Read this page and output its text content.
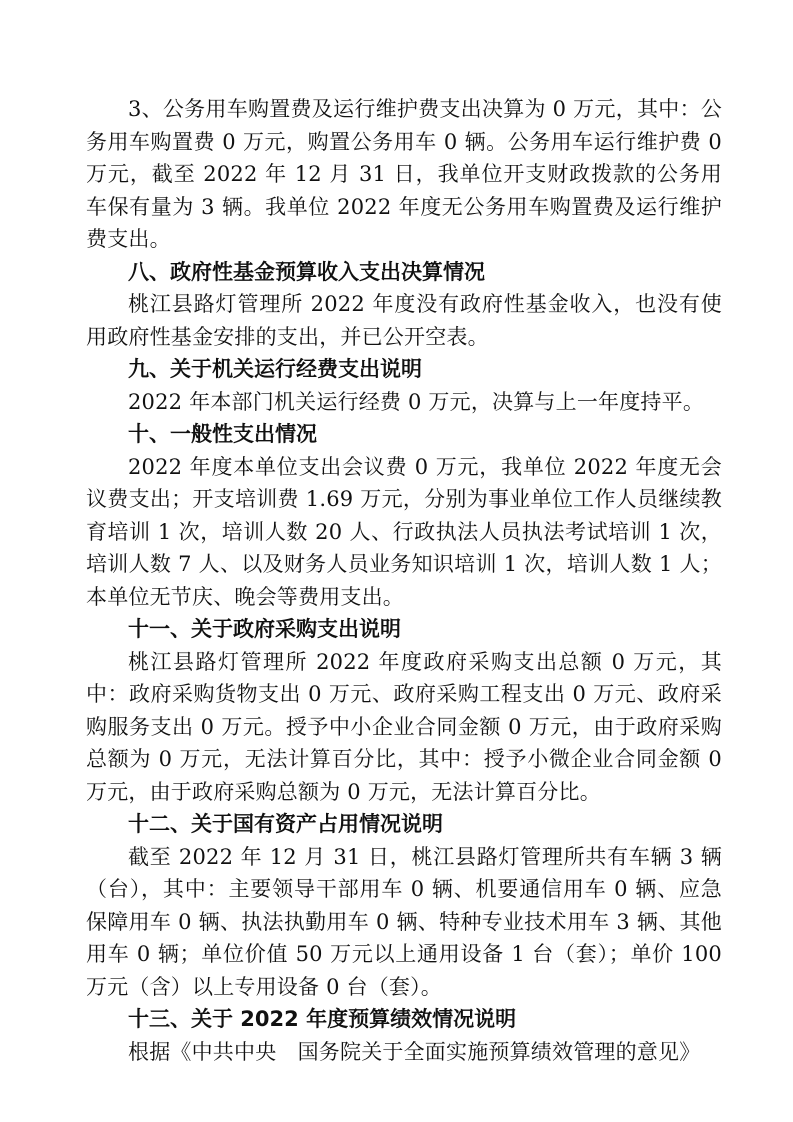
3、公务用车购置费及运行维护费支出决算为 0 万元，其中：公务用车购置费 0 万元，购置公务用车 0 辆。公务用车运行维护费 0 万元，截至 2022 年 12 月 31 日，我单位开支财政拨款的公务用车保有量为 3 辆。我单位 2022 年度无公务用车购置费及运行维护费支出。

八、政府性基金预算收入支出决算情况

桃江县路灯管理所 2022 年度没有政府性基金收入，也没有使用政府性基金安排的支出，并已公开空表。

九、关于机关运行经费支出说明

2022 年本部门机关运行经费 0 万元，决算与上一年度持平。

十、一般性支出情况

2022 年度本单位支出会议费 0 万元，我单位 2022 年度无会议费支出；开支培训费 1.69 万元，分别为事业单位工作人员继续教育培训 1 次，培训人数 20 人、行政执法人员执法考试培训 1 次，培训人数 7 人、以及财务人员业务知识培训 1 次，培训人数 1 人；本单位无节庆、晚会等费用支出。

十一、关于政府采购支出说明

桃江县路灯管理所 2022 年度政府采购支出总额 0 万元，其中：政府采购货物支出 0 万元、政府采购工程支出 0 万元、政府采购服务支出 0 万元。授予中小企业合同金额 0 万元，由于政府采购总额为 0 万元，无法计算百分比，其中：授予小微企业合同金额 0 万元，由于政府采购总额为 0 万元，无法计算百分比。

十二、关于国有资产占用情况说明

截至 2022 年 12 月 31 日，桃江县路灯管理所共有车辆 3 辆（台），其中：主要领导干部用车 0 辆、机要通信用车 0 辆、应急保障用车 0 辆、执法执勤用车 0 辆、特种专业技术用车 3 辆、其他用车 0 辆；单位价值 50 万元以上通用设备 1 台（套）；单价 100 万元（含）以上专用设备 0 台（套）。

十三、关于 2022 年度预算绩效情况说明

根据《中共中央　国务院关于全面实施预算绩效管理的意见》
